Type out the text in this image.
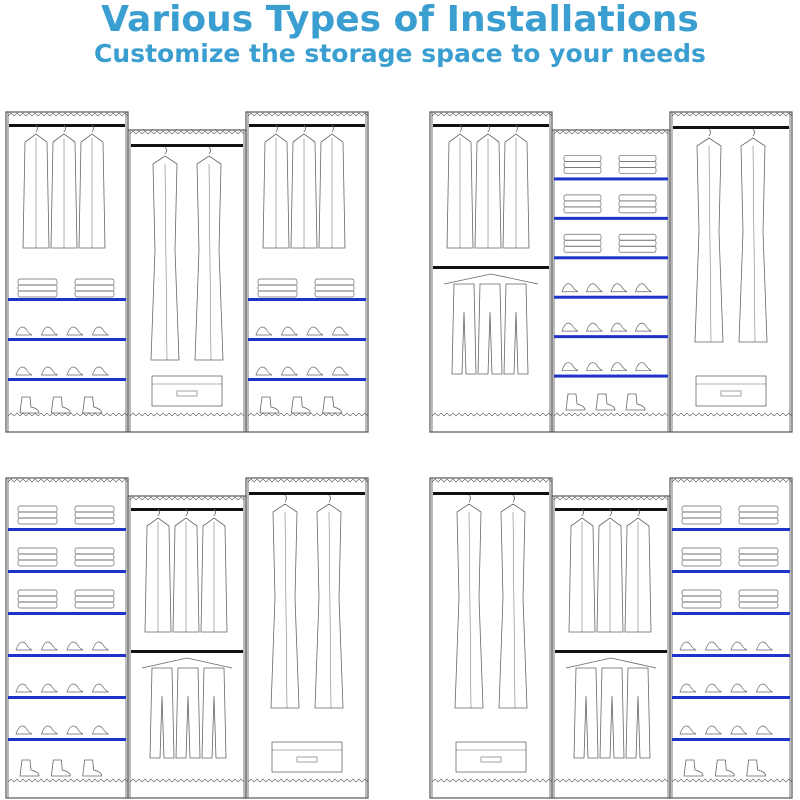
Various Types of Installations
Customize the storage space to your needs
